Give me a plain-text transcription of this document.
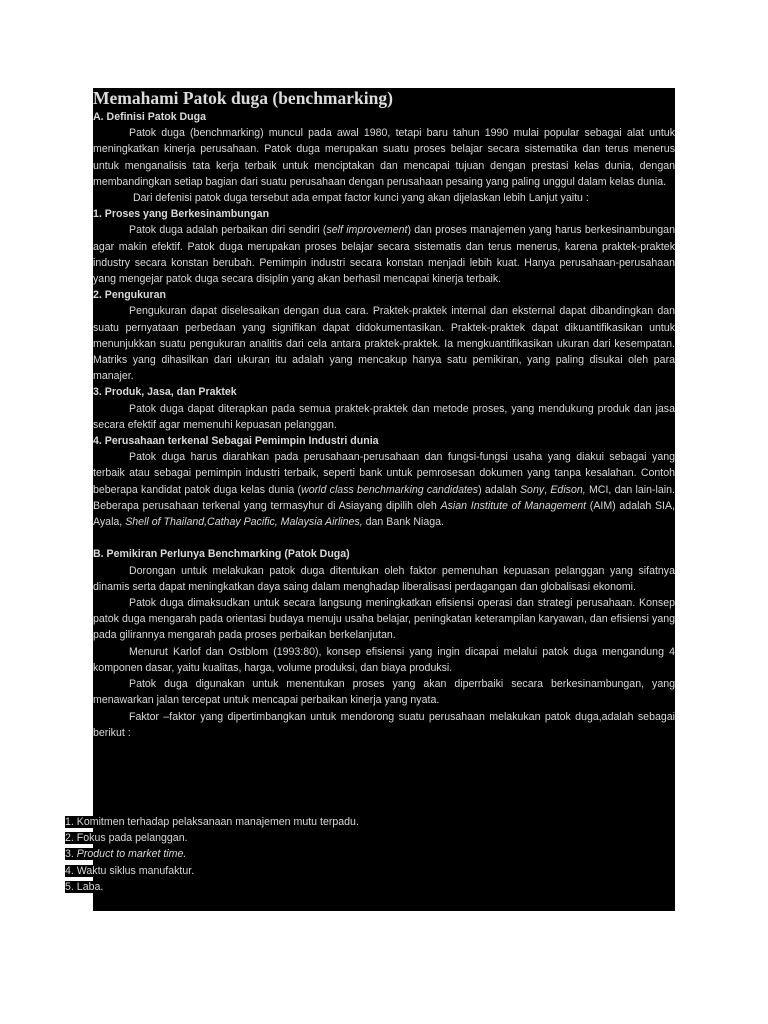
Memahami Patok duga (benchmarking)
A. Definisi Patok Duga
Patok duga (benchmarking) muncul pada awal 1980, tetapi baru tahun 1990 mulai popular sebagai alat untuk meningkatkan kinerja perusahaan. Patok duga merupakan suatu proses belajar secara sistematika dan terus menerus untuk menganalisis tata kerja terbaik untuk menciptakan dan mencapai tujuan dengan prestasi kelas dunia, dengan membandingkan setiap bagian dari suatu perusahaan dengan perusahaan pesaing yang paling unggul dalam kelas dunia.
Dari defenisi patok duga tersebut ada empat factor kunci yang akan dijelaskan lebih Lanjut yaitu :
1. Proses yang Berkesinambungan
Patok duga adalah perbaikan diri sendiri (self improvement) dan proses manajemen yang harus berkesinambungan agar makin efektif. Patok duga merupakan proses belajar secara sistematis dan terus menerus, karena praktek-praktek industry secara konstan berubah. Pemimpin industri secara konstan menjadi lebih kuat. Hanya perusahaan-perusahaan yang mengejar patok duga secara disiplin yang akan berhasil mencapai kinerja terbaik.
2. Pengukuran
Pengukuran dapat diselesaikan dengan dua cara. Praktek-praktek internal dan eksternal dapat dibandingkan dan suatu pernyataan perbedaan yang signifikan dapat didokumentasikan. Praktek-praktek dapat dikuantifikasikan untuk menunjukkan suatu pengukuran analitis dari cela antara praktek-praktek. Ia mengkuantifikasikan ukuran dari kesempatan. Matriks yang dihasilkan dari ukuran itu adalah yang mencakup hanya satu pemikiran, yang paling disukai oleh para manajer.
3. Produk, Jasa, dan Praktek
Patok duga dapat diterapkan pada semua praktek-praktek dan metode proses, yang mendukung produk dan jasa secara efektif agar memenuhi kepuasan pelanggan.
4. Perusahaan terkenal Sebagai Pemimpin Industri dunia
Patok duga harus diarahkan pada perusahaan-perusahaan dan fungsi-fungsi usaha yang diakui sebagai yang terbaik atau sebagai pemimpin industri terbaik, seperti bank untuk pemrosesan dokumen yang tanpa kesalahan. Contoh beberapa kandidat patok duga kelas dunia (world class benchmarking candidates) adalah Sony, Edison, MCI, dan lain-lain. Beberapa perusahaan terkenal yang termasyhur di Asiayang dipilih oleh Asian Institute of Management (AIM) adalah SIA, Ayala, Shell of Thailand,Cathay Pacific, Malaysia Airlines, dan Bank Niaga.
B. Pemikiran Perlunya Benchmarking (Patok Duga)
Dorongan untuk melakukan patok duga ditentukan oleh faktor pemenuhan kepuasan pelanggan yang sifatnya dinamis serta dapat meningkatkan daya saing dalam menghadap liberalisasi perdagangan dan globalisasi ekonomi.
Patok duga dimaksudkan untuk secara langsung meningkatkan efisiensi operasi dan strategi perusahaan. Konsep patok duga mengarah pada orientasi budaya menuju usaha belajar, peningkatan keterampilan karyawan, dan efisiensi yang pada gilirannya mengarah pada proses perbaikan berkelanjutan.
Menurut Karlof dan Ostblom (1993:80), konsep efisiensi yang ingin dicapai melalui patok duga mengandung 4 komponen dasar, yaitu kualitas, harga, volume produksi, dan biaya produksi.
Patok duga digunakan untuk menentukan proses yang akan diperrbaiki secara berkesinambungan, yang menawarkan jalan tercepat untuk mencapai perbaikan kinerja yang nyata.
Faktor –faktor yang dipertimbangkan untuk mendorong suatu perusahaan melakukan patok duga,adalah sebagai berikut :
1. Komitmen terhadap pelaksanaan manajemen mutu terpadu.
2. Fokus pada pelanggan.
3. Product to market time.
4. Waktu siklus manufaktur.
5. Laba.
